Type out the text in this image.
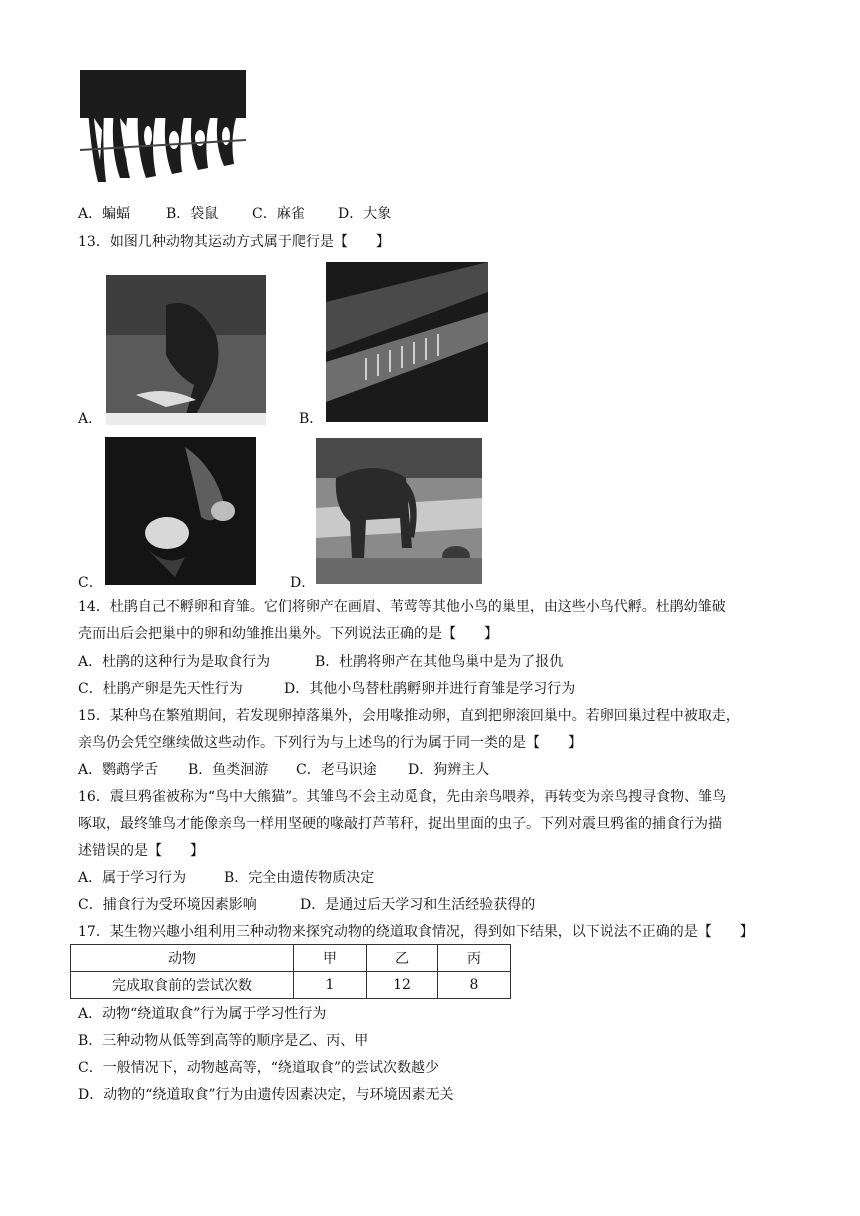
A．蝙蝠	B．袋鼠 C．麻雀 D．大象
13．如图几种动物其运动方式属于爬行是【　　】
A．	B．
C．	D．
14．杜鹃自己不孵卵和育雏。它们将卵产在画眉、苇莺等其他小鸟的巢里，由这些小鸟代孵。杜鹃幼雏破
壳而出后会把巢中的卵和幼雏推出巢外。下列说法正确的是【　　】
A．杜鹃的这种行为是取食行为	B．杜鹃将卵产在其他鸟巢中是为了报仇
C．杜鹃产卵是先天性行为	D．其他小鸟替杜鹃孵卵并进行育雏是学习行为
15．某种鸟在繁殖期间，若发现卵掉落巢外，会用喙推动卵，直到把卵滚回巢中。若卵回巢过程中被取走，
亲鸟仍会凭空继续做这些动作。下列行为与上述鸟的行为属于同一类的是【　　】
A．鹦鹉学舌 B．鱼类洄游 C．老马识途 D．狗辨主人
16．震旦鸦雀被称为“鸟中大熊猫”。其雏鸟不会主动觅食，先由亲鸟喂养，再转变为亲鸟搜寻食物、雏鸟
啄取，最终雏鸟才能像亲鸟一样用坚硬的喙敲打芦苇秆，捉出里面的虫子。下列对震旦鸦雀的捕食行为描
述错误的是【　　】
A．属于学习行为	B．完全由遗传物质决定
C．捕食行为受环境因素影响	D．是通过后天学习和生活经验获得的
17．某生物兴趣小组利用三种动物来探究动物的绕道取食情况，得到如下结果，以下说法不正确的是【　　】
动物	甲	乙	丙
完成取食前的尝试次数	1	12	8
A．动物“绕道取食”行为属于学习性行为
B．三种动物从低等到高等的顺序是乙、丙、甲
C．一般情况下，动物越高等，“绕道取食”的尝试次数越少
D．动物的“绕道取食”行为由遗传因素决定，与环境因素无关
